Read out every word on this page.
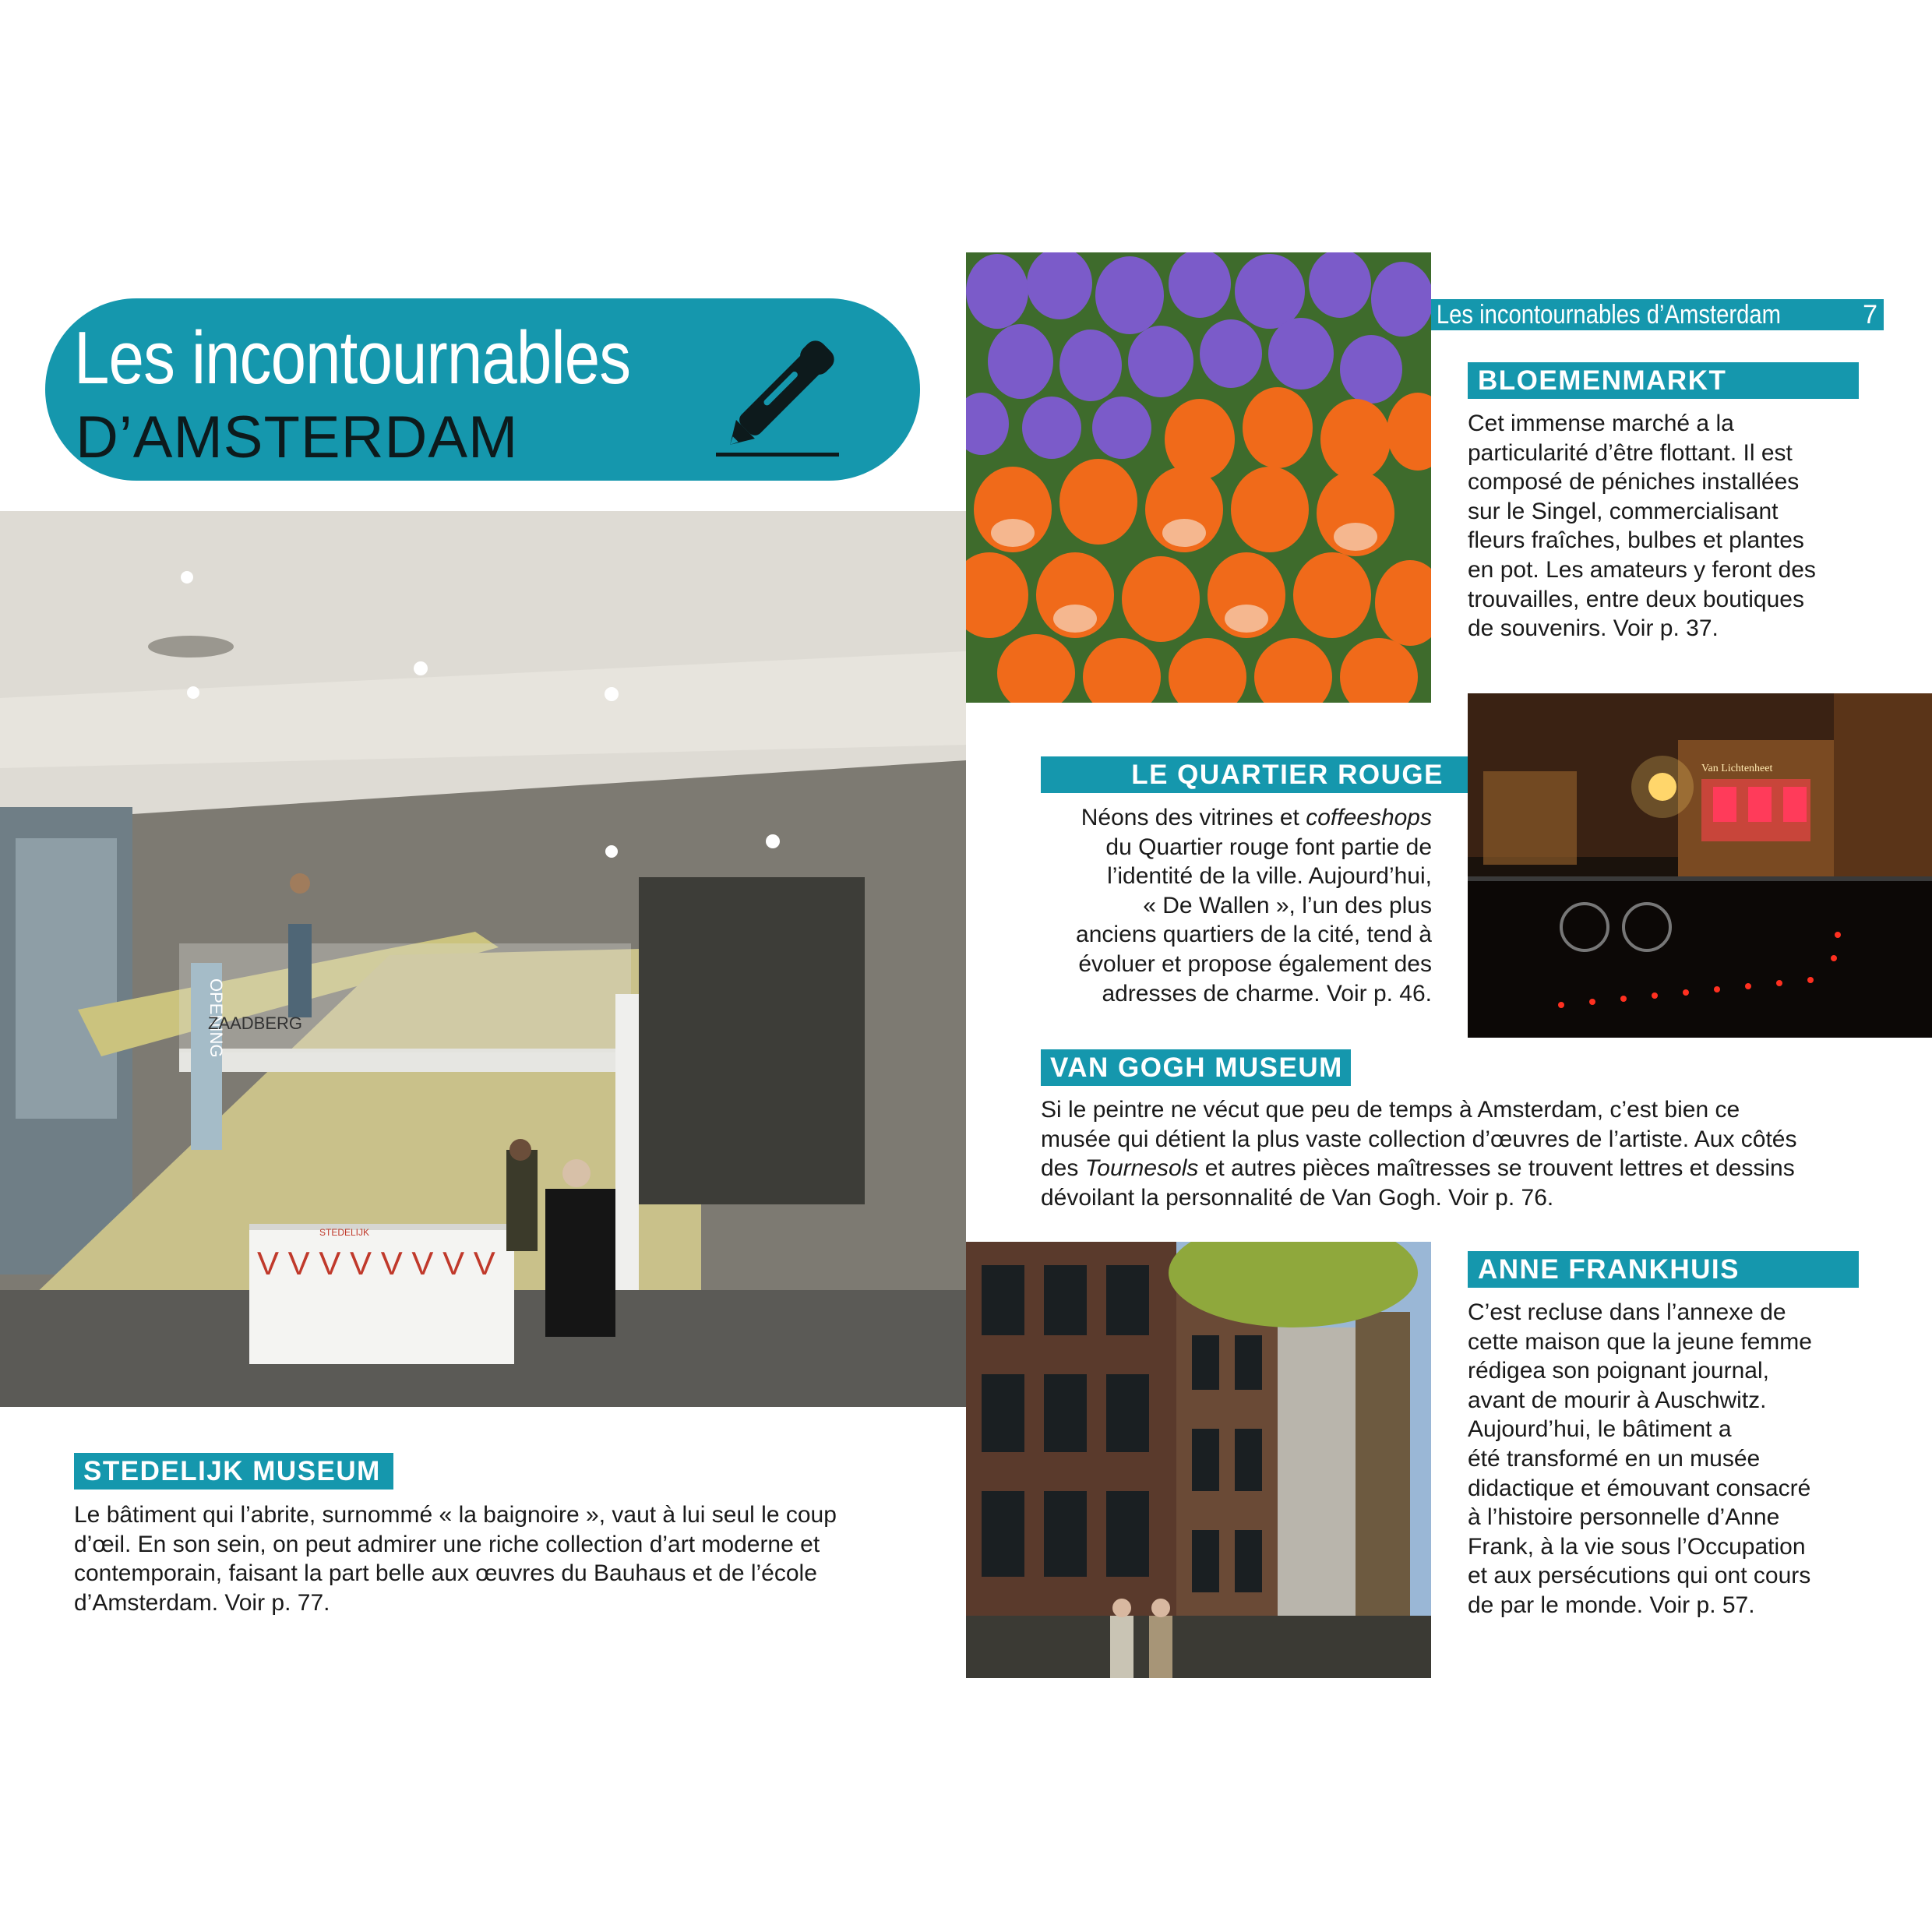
Les incontournables
D’AMSTERDAM
Les incontournables d’Amsterdam	7
STEDELIJK
V V V V V V V V
OPENING
ZAADBERG
Van Lichtenheet
BLOEMENMARKT
LE QUARTIER ROUGE
VAN GOGH MUSEUM
ANNE FRANKHUIS
STEDELIJK MUSEUM
Cet immense marché a la
particularité d’être flottant. Il est
composé de péniches installées
sur le Singel, commercialisant
fleurs fraîches, bulbes et plantes
en pot. Les amateurs y feront des
trouvailles, entre deux boutiques
de souvenirs. Voir p. 37.
Néons des vitrines et coffeeshops
du Quartier rouge font partie de
l’identité de la ville. Aujourd’hui,
« De Wallen », l’un des plus
anciens quartiers de la cité, tend à
évoluer et propose également des
adresses de charme. Voir p. 46.
Si le peintre ne vécut que peu de temps à Amsterdam, c’est bien ce
musée qui détient la plus vaste collection d’œuvres de l’artiste. Aux côtés
des Tournesols et autres pièces maîtresses se trouvent lettres et dessins
dévoilant la personnalité de Van Gogh. Voir p. 76.
C’est recluse dans l’annexe de
cette maison que la jeune femme
rédigea son poignant journal,
avant de mourir à Auschwitz.
Aujourd’hui, le bâtiment a
été transformé en un musée
didactique et émouvant consacré
à l’histoire personnelle d’Anne
Frank, à la vie sous l’Occupation
et aux persécutions qui ont cours
de par le monde. Voir p. 57.
Le bâtiment qui l’abrite, surnommé « la baignoire », vaut à lui seul le coup
d’œil. En son sein, on peut admirer une riche collection d’art moderne et
contemporain, faisant la part belle aux œuvres du Bauhaus et de l’école
d’Amsterdam. Voir p. 77.
